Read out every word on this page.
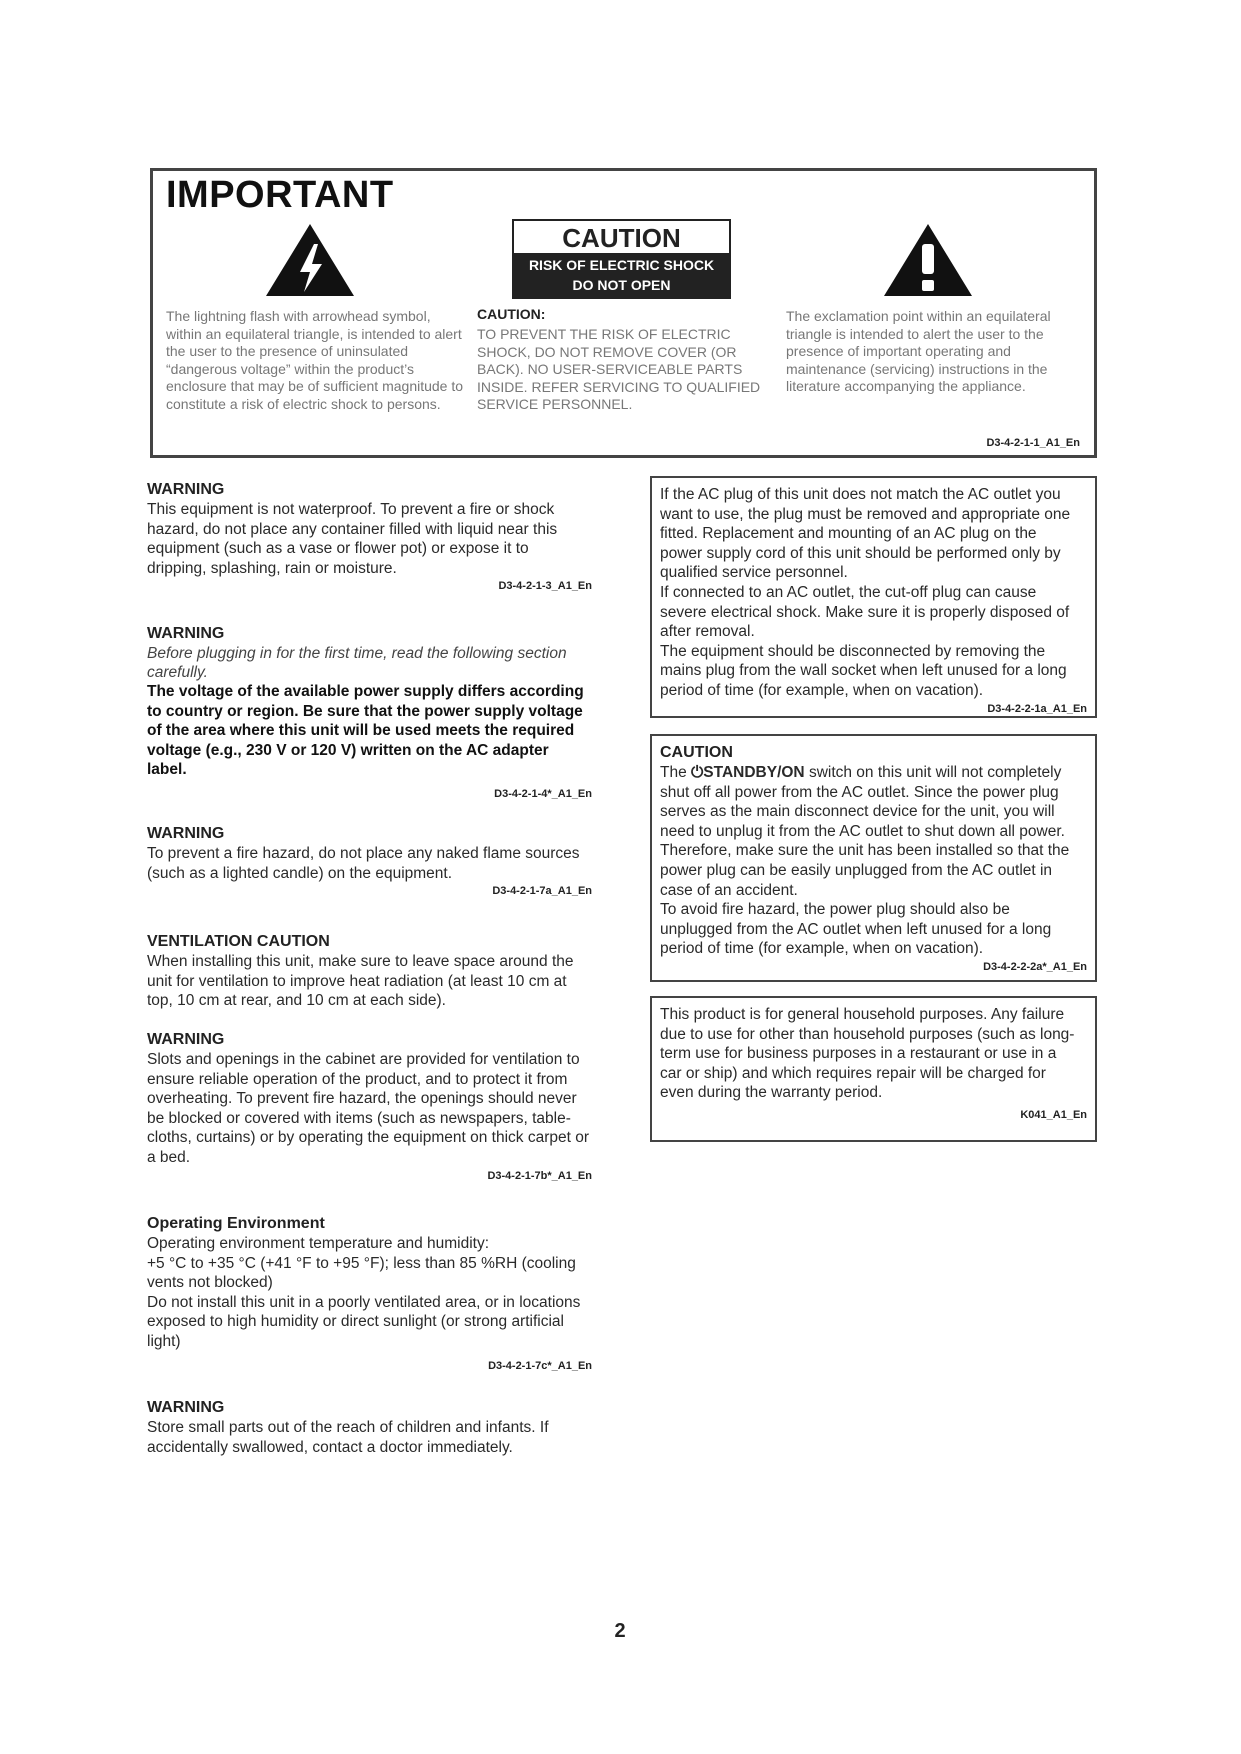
IMPORTANT
CAUTION
RISK OF ELECTRIC SHOCK
DO NOT OPEN
The lightning flash with arrowhead symbol, within an equilateral triangle, is intended to alert the user to the presence of uninsulated “dangerous voltage” within the product’s enclosure that may be of sufficient magnitude to constitute a risk of electric shock to persons.
CAUTION:
TO PREVENT THE RISK OF ELECTRIC SHOCK, DO NOT REMOVE COVER (OR BACK). NO USER-SERVICEABLE PARTS INSIDE. REFER SERVICING TO QUALIFIED SERVICE PERSONNEL.
The exclamation point within an equilateral triangle is intended to alert the user to the presence of important operating and maintenance (servicing) instructions in the literature accompanying the appliance.
D3-4-2-1-1_A1_En
WARNING
This equipment is not waterproof. To prevent a fire or shock hazard, do not place any container filled with liquid near this equipment (such as a vase or flower pot) or expose it to dripping, splashing, rain or moisture.
D3-4-2-1-3_A1_En
WARNING
Before plugging in for the first time, read the following section carefully.
The voltage of the available power supply differs according to country or region. Be sure that the power supply voltage of the area where this unit will be used meets the required voltage (e.g., 230 V or 120 V) written on the AC adapter label.
D3-4-2-1-4*_A1_En
WARNING
To prevent a fire hazard, do not place any naked flame sources (such as a lighted candle) on the equipment.
D3-4-2-1-7a_A1_En
VENTILATION CAUTION
When installing this unit, make sure to leave space around the unit for ventilation to improve heat radiation (at least 10 cm at top, 10 cm at rear, and 10 cm at each side).
WARNING
Slots and openings in the cabinet are provided for ventilation to ensure reliable operation of the product, and to protect it from overheating. To prevent fire hazard, the openings should never be blocked or covered with items (such as newspapers, table-cloths, curtains) or by operating the equipment on thick carpet or a bed.
D3-4-2-1-7b*_A1_En
Operating Environment
Operating environment temperature and humidity:
+5 °C to +35 °C (+41 °F to +95 °F); less than 85 %RH (cooling vents not blocked)
Do not install this unit in a poorly ventilated area, or in locations exposed to high humidity or direct sunlight (or strong artificial light)
D3-4-2-1-7c*_A1_En
WARNING
Store small parts out of the reach of children and infants. If accidentally swallowed, contact a doctor immediately.
If the AC plug of this unit does not match the AC outlet you want to use, the plug must be removed and appropriate one fitted. Replacement and mounting of an AC plug on the power supply cord of this unit should be performed only by qualified service personnel.
If connected to an AC outlet, the cut-off plug can cause severe electrical shock. Make sure it is properly disposed of after removal.
The equipment should be disconnected by removing the mains plug from the wall socket when left unused for a long period of time (for example, when on vacation).
D3-4-2-2-1a_A1_En
CAUTION
The ⏻STANDBY/ON switch on this unit will not completely shut off all power from the AC outlet. Since the power plug serves as the main disconnect device for the unit, you will need to unplug it from the AC outlet to shut down all power. Therefore, make sure the unit has been installed so that the power plug can be easily unplugged from the AC outlet in case of an accident.
To avoid fire hazard, the power plug should also be unplugged from the AC outlet when left unused for a long period of time (for example, when on vacation).
D3-4-2-2-2a*_A1_En
This product is for general household purposes. Any failure due to use for other than household purposes (such as long-term use for business purposes in a restaurant or use in a car or ship) and which requires repair will be charged for even during the warranty period.
K041_A1_En
2
